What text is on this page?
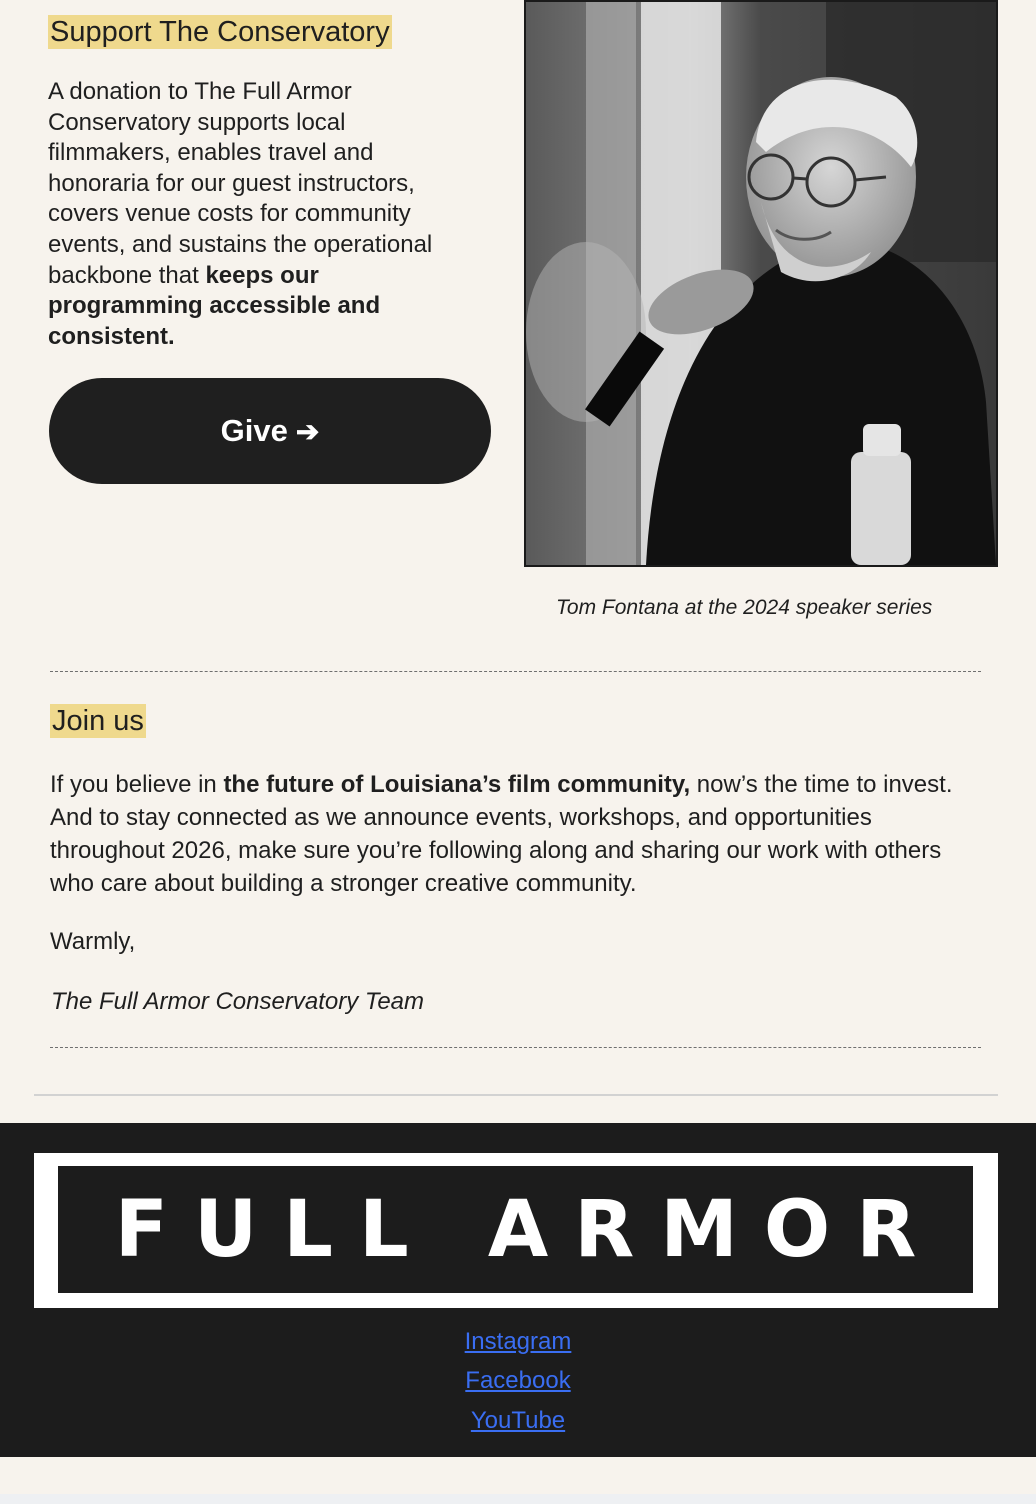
Support The Conservatory
A donation to The Full Armor Conservatory supports local filmmakers, enables travel and honoraria for our guest instructors, covers venue costs for community events, and sustains the operational backbone that keeps our programming accessible and consistent.
Give ➔
Tom Fontana at the 2024 speaker series
Join us
If you believe in the future of Louisiana’s film community, now’s the time to invest. And to stay connected as we announce events, workshops, and opportunities throughout 2026, make sure you’re following along and sharing our work with others who care about building a stronger creative community.
Warmly,
The Full Armor Conservatory Team
FULL ARMOR
Instagram
Facebook
YouTube
